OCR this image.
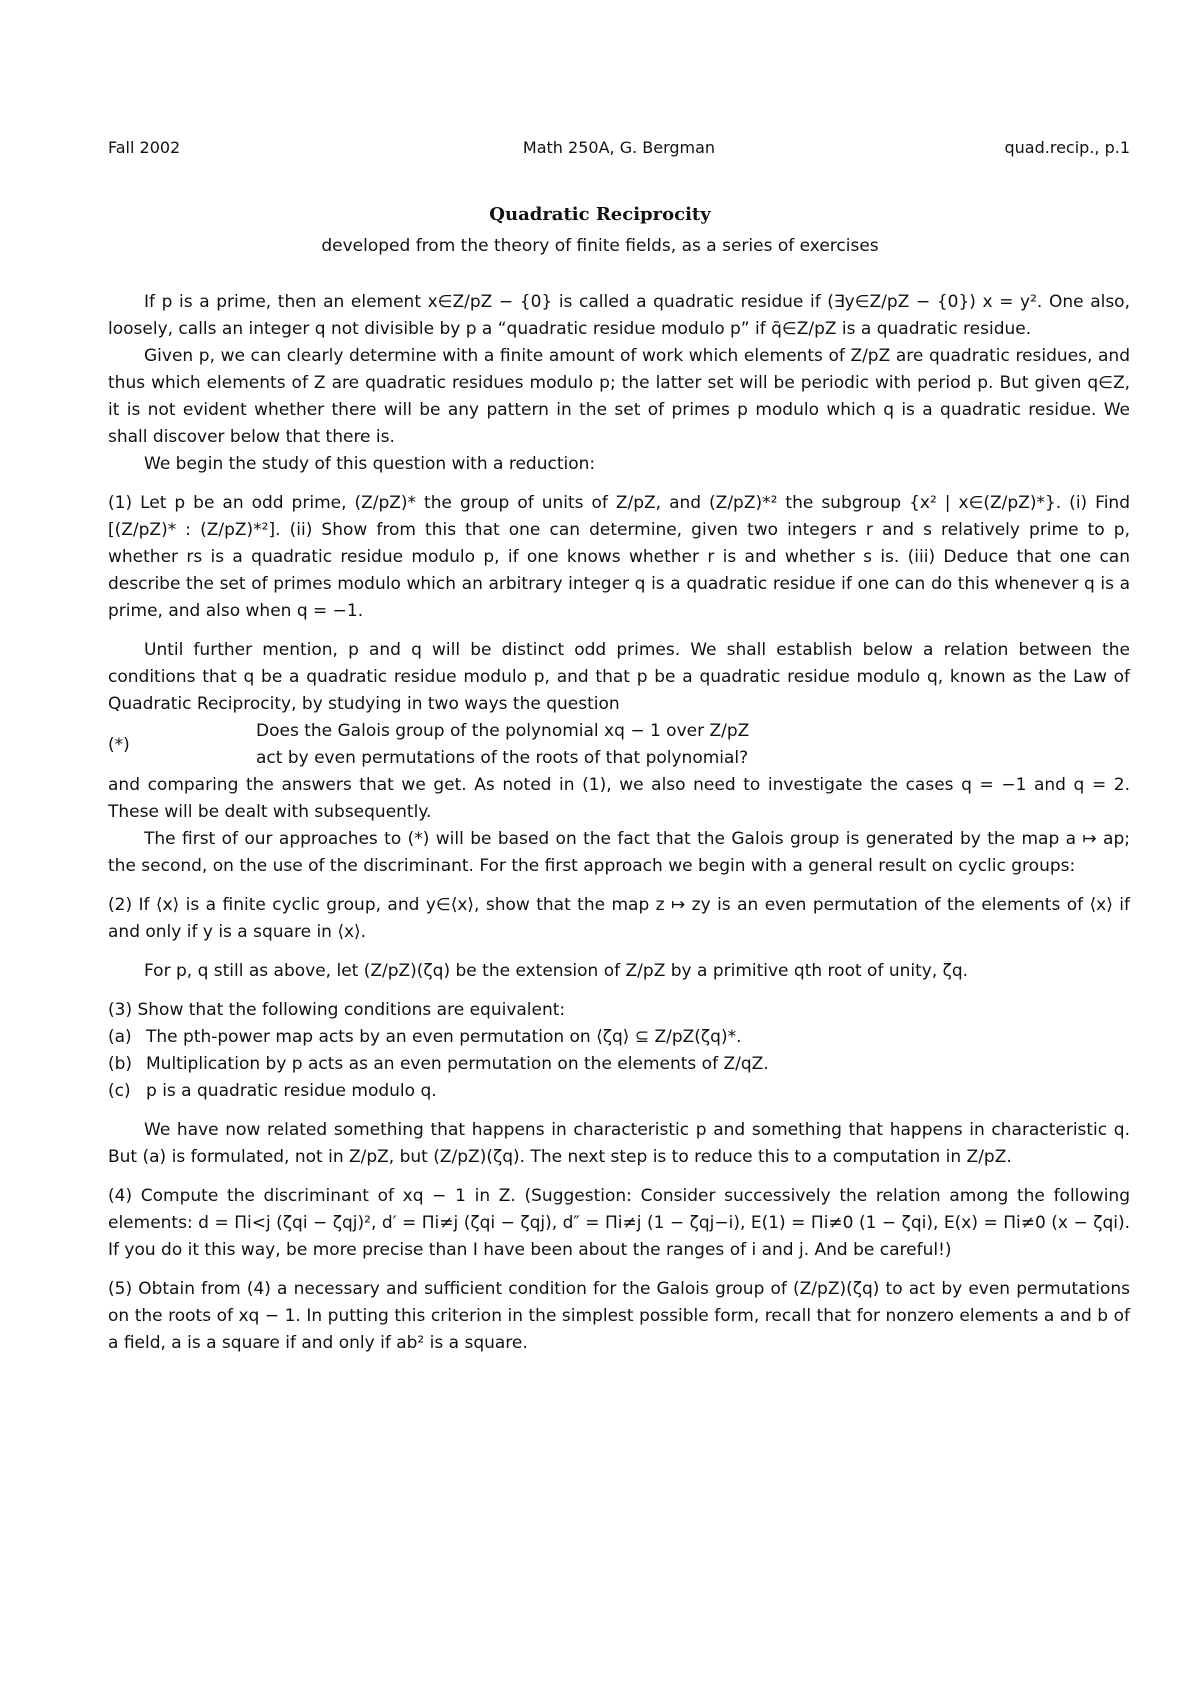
Fall 2002	Math 250A, G. Bergman	quad.recip., p.1
Quadratic Reciprocity
developed from the theory of finite fields, as a series of exercises

If p is a prime, then an element x∈Z/pZ − {0} is called a quadratic residue if (∃y∈Z/pZ − {0}) x = y². One also, loosely, calls an integer q not divisible by p a “quadratic residue modulo p” if q̄∈Z/pZ is a quadratic residue.

Given p, we can clearly determine with a finite amount of work which elements of Z/pZ are quadratic residues, and thus which elements of Z are quadratic residues modulo p; the latter set will be periodic with period p. But given q∈Z, it is not evident whether there will be any pattern in the set of primes p modulo which q is a quadratic residue. We shall discover below that there is.

We begin the study of this question with a reduction:

(1) Let p be an odd prime, (Z/pZ)* the group of units of Z/pZ, and (Z/pZ)*² the subgroup {x² | x∈(Z/pZ)*}. (i) Find [(Z/pZ)* : (Z/pZ)*²]. (ii) Show from this that one can determine, given two integers r and s relatively prime to p, whether rs is a quadratic residue modulo p, if one knows whether r is and whether s is. (iii) Deduce that one can describe the set of primes modulo which an arbitrary integer q is a quadratic residue if one can do this whenever q is a prime, and also when q = −1.

Until further mention, p and q will be distinct odd primes. We shall establish below a relation between the conditions that q be a quadratic residue modulo p, and that p be a quadratic residue modulo q, known as the Law of Quadratic Reciprocity, by studying in two ways the question

(*)
Does the Galois group of the polynomial xq − 1 over Z/pZ
act by even permutations of the roots of that polynomial?

and comparing the answers that we get. As noted in (1), we also need to investigate the cases q = −1 and q = 2. These will be dealt with subsequently.

The first of our approaches to (*) will be based on the fact that the Galois group is generated by the map a ↦ ap; the second, on the use of the discriminant. For the first approach we begin with a general result on cyclic groups:

(2) If ⟨x⟩ is a finite cyclic group, and y∈⟨x⟩, show that the map z ↦ zy is an even permutation of the elements of ⟨x⟩ if and only if y is a square in ⟨x⟩.

For p, q still as above, let (Z/pZ)(ζq) be the extension of Z/pZ by a primitive qth root of unity, ζq.

(3) Show that the following conditions are equivalent:

(a) The pth-power map acts by an even permutation on ⟨ζq⟩ ⊆ Z/pZ(ζq)*.
(b) Multiplication by p acts as an even permutation on the elements of Z/qZ.
(c) p is a quadratic residue modulo q.

We have now related something that happens in characteristic p and something that happens in characteristic q. But (a) is formulated, not in Z/pZ, but (Z/pZ)(ζq). The next step is to reduce this to a computation in Z/pZ.

(4) Compute the discriminant of xq − 1 in Z. (Suggestion: Consider successively the relation among the following elements: d = Πi<j (ζqi − ζqj)², d′ = Πi≠j (ζqi − ζqj), d″ = Πi≠j (1 − ζqj−i), E(1) = Πi≠0 (1 − ζqi), E(x) = Πi≠0 (x − ζqi). If you do it this way, be more precise than I have been about the ranges of i and j. And be careful!)

(5) Obtain from (4) a necessary and sufficient condition for the Galois group of (Z/pZ)(ζq) to act by even permutations on the roots of xq − 1. In putting this criterion in the simplest possible form, recall that for nonzero elements a and b of a field, a is a square if and only if ab² is a square.
